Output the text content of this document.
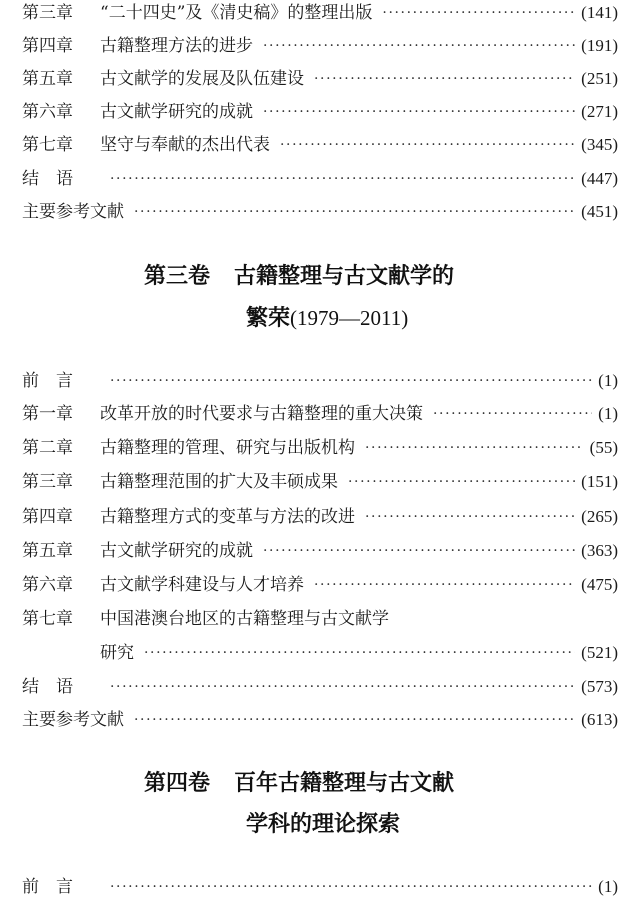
第三章	“二十四史”及《清史稿》的整理出版 ·····	(141)
第四章	古籍整理方法的进步 ·····	(191)
第五章	古文献学的发展及队伍建设 ·····	(251)
第六章	古文献学研究的成就 ·····	(271)
第七章	坚守与奉献的杰出代表 ·····	(345)
结语 ·····	(447)
主要参考文献 ·····	(451)
第三卷 古籍整理与古文献学的
繁荣(1979—2011)
前言 ·····	(1)
第一章	改革开放的时代要求与古籍整理的重大决策 ·····	(1)
第二章	古籍整理的管理、研究与出版机构 ·····	(55)
第三章	古籍整理范围的扩大及丰硕成果 ·····	(151)
第四章	古籍整理方式的变革与方法的改进 ·····	(265)
第五章	古文献学研究的成就 ·····	(363)
第六章	古文献学科建设与人才培养 ·····	(475)
第七章	中国港澳台地区的古籍整理与古文献学
研究 ·····	(521)
结语 ·····	(573)
主要参考文献 ·····	(613)
第四卷 百年古籍整理与古文献
学科的理论探索
前言 ·····	(1)
